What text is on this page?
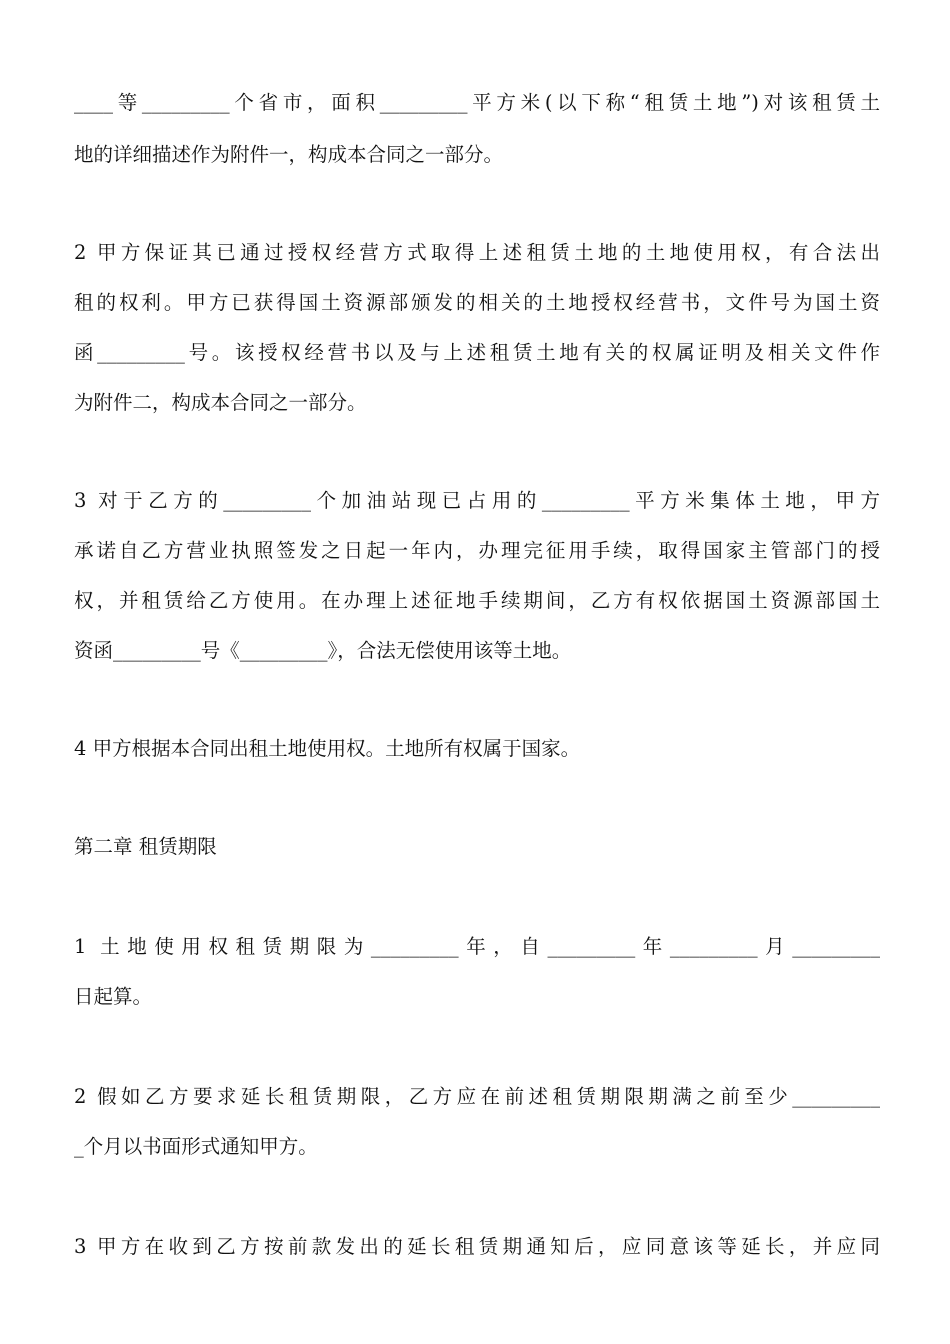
____等_________个省市，面积_________平方米(以下称“租赁土地”)对该租赁土
地的详细描述作为附件一，构成本合同之一部分。
2 甲方保证其已通过授权经营方式取得上述租赁土地的土地使用权，有合法出
租的权利。甲方已获得国土资源部颁发的相关的土地授权经营书，文件号为国土资
函_________号。该授权经营书以及与上述租赁土地有关的权属证明及相关文件作
为附件二，构成本合同之一部分。
3 对于乙方的_________个加油站现已占用的_________平方米集体土地，甲方
承诺自乙方营业执照签发之日起一年内，办理完征用手续，取得国家主管部门的授
权，并租赁给乙方使用。在办理上述征地手续期间，乙方有权依据国土资源部国土
资函_________号《_________》，合法无偿使用该等土地。
4 甲方根据本合同出租土地使用权。土地所有权属于国家。
第二章 租赁期限
1 土地使用权租赁期限为_________年，自_________年_________月_________
日起算。
2 假如乙方要求延长租赁期限，乙方应在前述租赁期限期满之前至少_________
_个月以书面形式通知甲方。
3 甲方在收到乙方按前款发出的延长租赁期通知后，应同意该等延长，并应同
